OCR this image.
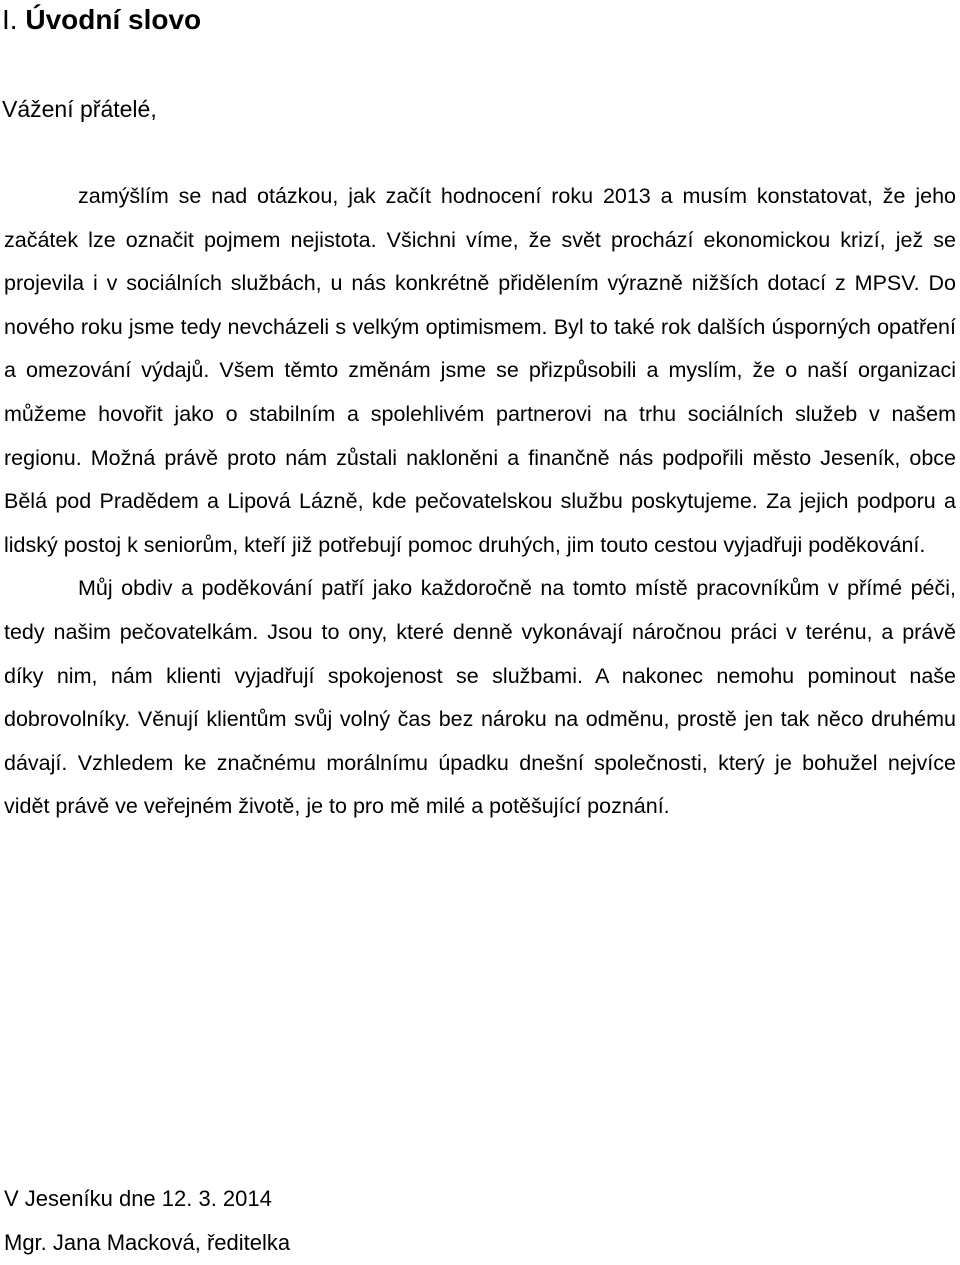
I. Úvodní slovo

Vážení přátelé,

zamýšlím se nad otázkou, jak začít hodnocení roku 2013 a musím konstatovat, že jeho začátek lze označit pojmem nejistota. Všichni víme, že svět prochází ekonomickou krizí, jež se projevila i v sociálních službách, u nás konkrétně přidělením výrazně nižších dotací z MPSV. Do nového roku jsme tedy nevcházeli s velkým optimismem. Byl to také rok dalších úsporných opatření a omezování výdajů. Všem těmto změnám jsme se přizpůsobili a myslím, že o naší organizaci můžeme hovořit jako o stabilním a spolehlivém partnerovi na trhu sociálních služeb v našem regionu. Možná právě proto nám zůstali nakloněni a finančně nás podpořili město Jeseník, obce Bělá pod Pradědem a Lipová Lázně, kde pečovatelskou službu poskytujeme. Za jejich podporu a lidský postoj k seniorům, kteří již potřebují pomoc druhých, jim touto cestou vyjadřuji poděkování.

Můj obdiv a poděkování patří jako každoročně na tomto místě pracovníkům v přímé péči, tedy našim pečovatelkám. Jsou to ony, které denně vykonávají náročnou práci v terénu, a právě díky nim, nám klienti vyjadřují spokojenost se službami. A nakonec nemohu pominout naše dobrovolníky. Věnují klientům svůj volný čas bez nároku na odměnu, prostě jen tak něco druhému dávají. Vzhledem ke značnému morálnímu úpadku dnešní společnosti, který je bohužel nejvíce vidět právě ve veřejném životě, je to pro mě milé a potěšující poznání.

V Jeseníku dne 12. 3. 2014
Mgr. Jana Macková, ředitelka
